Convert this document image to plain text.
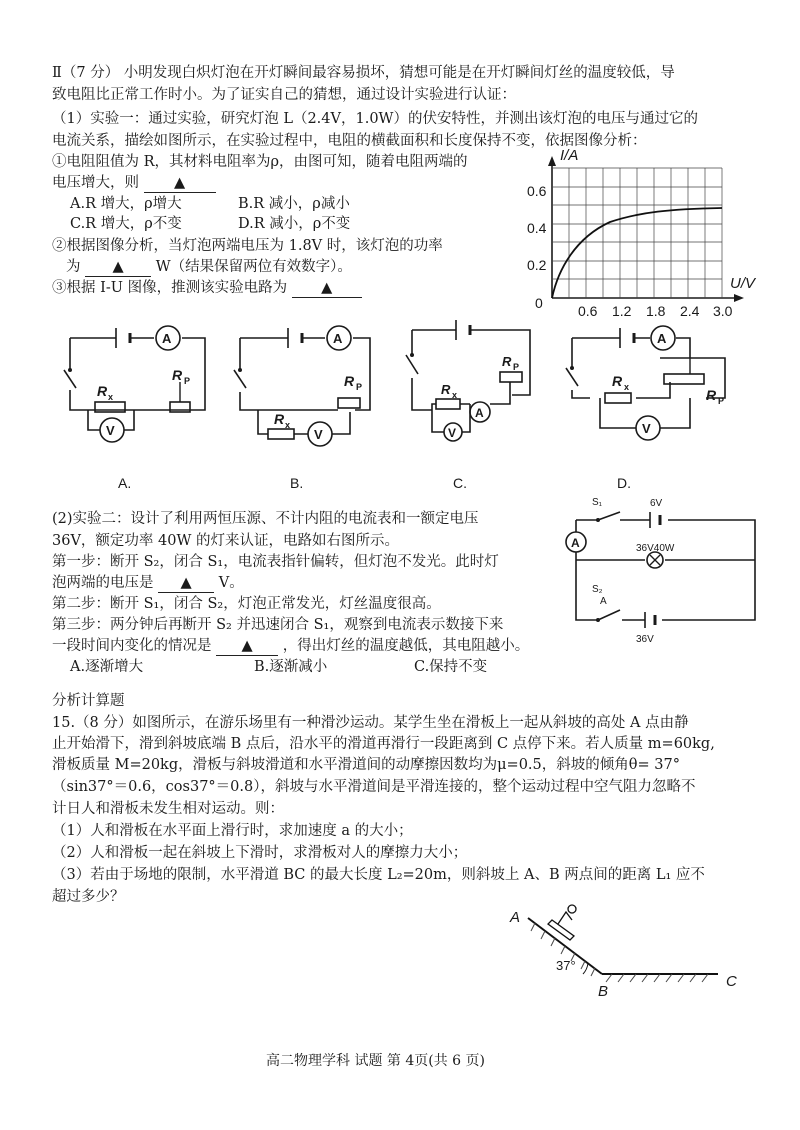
Ⅱ（7 分） 小明发现白炽灯泡在开灯瞬间最容易损坏，猜想可能是在开灯瞬间灯丝的温度较低，导
致电阻比正常工作时小。为了证实自己的猜想，通过设计实验进行认证：
（1）实验一：通过实验，研究灯泡 L（2.4V，1.0W）的伏安特性，并测出该灯泡的电压与通过它的
电流关系，描绘如图所示，在实验过程中，电阻的横截面积和长度保持不变，依据图像分析：
①电阻阻值为 R，其材料电阻率为ρ，由图可知，随着电阻两端的
电压增大，则 ▲
A.R 增大，ρ增大	B.R 减小，ρ减小
C.R 增大，ρ不变	D.R 减小，ρ不变
②根据图像分析，当灯泡两端电压为 1.8V 时，该灯泡的功率
为 ▲ W（结果保留两位有效数字）。
③根据 I-U 图像，推测该实验电路为 ▲
I/A
U/V
0
0.6
0.4
0.2
0.6 1.2 1.8 2.4 3.0
A
R x
R P
V
A
R P
R x
V
R P
R x
A
V
A
R P
R x
V
A.	B.	C.	D.
(2)实验二：设计了利用两恒压源、不计内阻的电流表和一额定电压
36V，额定功率 40W 的灯来认证，电路如右图所示。
第一步：断开 S₂，闭合 S₁，电流表指针偏转，但灯泡不发光。此时灯
泡两端的电压是 ▲ V。
第二步：断开 S₁，闭合 S₂，灯泡正常发光，灯丝温度很高。
第三步：两分钟后再断开 S₂ 并迅速闭合 S₁，观察到电流表示数接下来
一段时间内变化的情况是 ▲ ，得出灯丝的温度越低，其电阻越小。
A.逐渐增大	B.逐渐减小	C.保持不变
A
S₁	6V
36V40W
S₂
A
36V
分析计算题
15.（8 分）如图所示，在游乐场里有一种滑沙运动。某学生坐在滑板上一起从斜坡的高处 A 点由静
止开始滑下，滑到斜坡底端 B 点后，沿水平的滑道再滑行一段距离到 C 点停下来。若人质量 m=60kg,
滑板质量 M=20kg，滑板与斜坡滑道和水平滑道间的动摩擦因数均为μ=0.5，斜坡的倾角θ= 37°
（sin37°＝0.6，cos37°＝0.8），斜坡与水平滑道间是平滑连接的，整个运动过程中空气阻力忽略不
计日人和滑板未发生相对运动。则：
（1）人和滑板在水平面上滑行时，求加速度 a 的大小；
（2）人和滑板一起在斜坡上下滑时，求滑板对人的摩擦力大小；
（3）若由于场地的限制，水平滑道 BC 的最大长度 L₂=20m，则斜坡上 A、B 两点间的距离 L₁ 应不
超过多少？
A
B
C
37°
高二物理学科 试题 第 4页(共 6 页)
